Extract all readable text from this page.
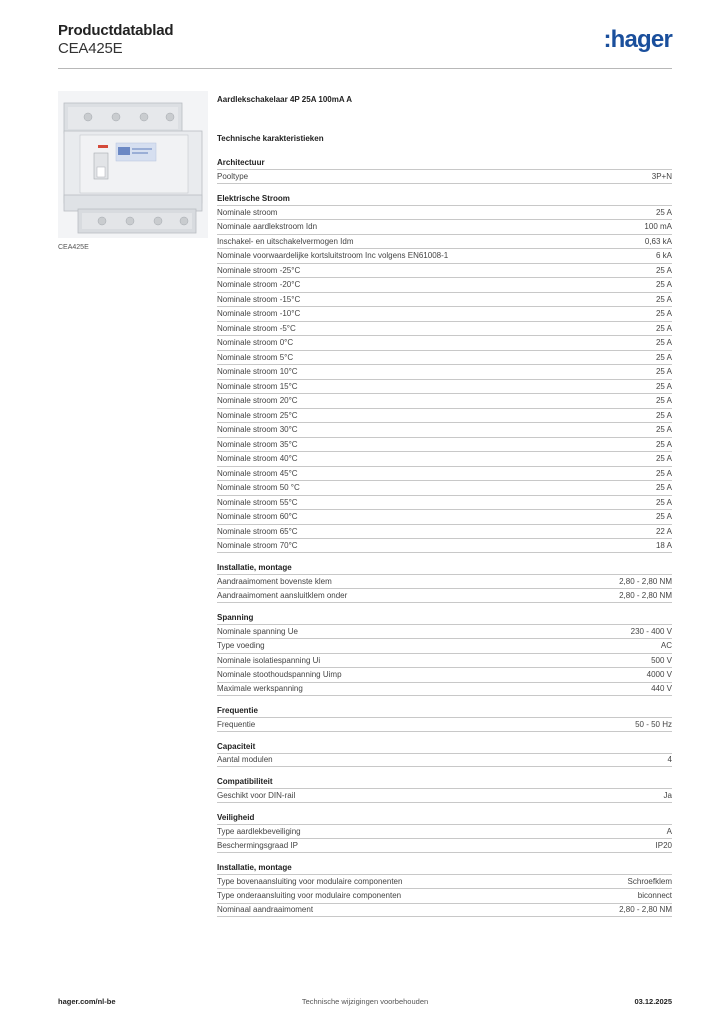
Productdatablad
CEA425E	:hager
CEA425E
Aardlekschakelaar 4P 25A 100mA A
Technische karakteristieken
Architectuur
Pooltype	3P+N
Elektrische Stroom
Nominale stroom	25 A
Nominale aardlekstroom Idn	100 mA
Inschakel- en uitschakelvermogen Idm	0,63 kA
Nominale voorwaardelijke kortsluitstroom Inc volgens EN61008-1	6 kA
Nominale stroom -25°C	25 A
Nominale stroom -20°C	25 A
Nominale stroom -15°C	25 A
Nominale stroom -10°C	25 A
Nominale stroom -5°C	25 A
Nominale stroom 0°C	25 A
Nominale stroom 5°C	25 A
Nominale stroom 10°C	25 A
Nominale stroom 15°C	25 A
Nominale stroom 20°C	25 A
Nominale stroom 25°C	25 A
Nominale stroom 30°C	25 A
Nominale stroom 35°C	25 A
Nominale stroom 40°C	25 A
Nominale stroom 45°C	25 A
Nominale stroom 50 °C	25 A
Nominale stroom 55°C	25 A
Nominale stroom 60°C	25 A
Nominale stroom 65°C	22 A
Nominale stroom 70°C	18 A
Installatie, montage
Aandraaimoment bovenste klem	2,80 - 2,80 NM
Aandraaimoment aansluitklem onder	2,80 - 2,80 NM
Spanning
Nominale spanning Ue	230 - 400 V
Type voeding	AC
Nominale isolatiespanning Ui	500 V
Nominale stoothoudspanning Uimp	4000 V
Maximale werkspanning	440 V
Frequentie
Frequentie	50 - 50 Hz
Capaciteit
Aantal modulen	4
Compatibiliteit
Geschikt voor DIN-rail	Ja
Veiligheid
Type aardlekbeveiliging	A
Beschermingsgraad IP	IP20
Installatie, montage
Type bovenaansluiting voor modulaire componenten	Schroefklem
Type onderaansluiting voor modulaire componenten	biconnect
Nominaal aandraaimoment	2,80 - 2,80 NM
hager.com/nl-be	Technische wijzigingen voorbehouden	03.12.2025
